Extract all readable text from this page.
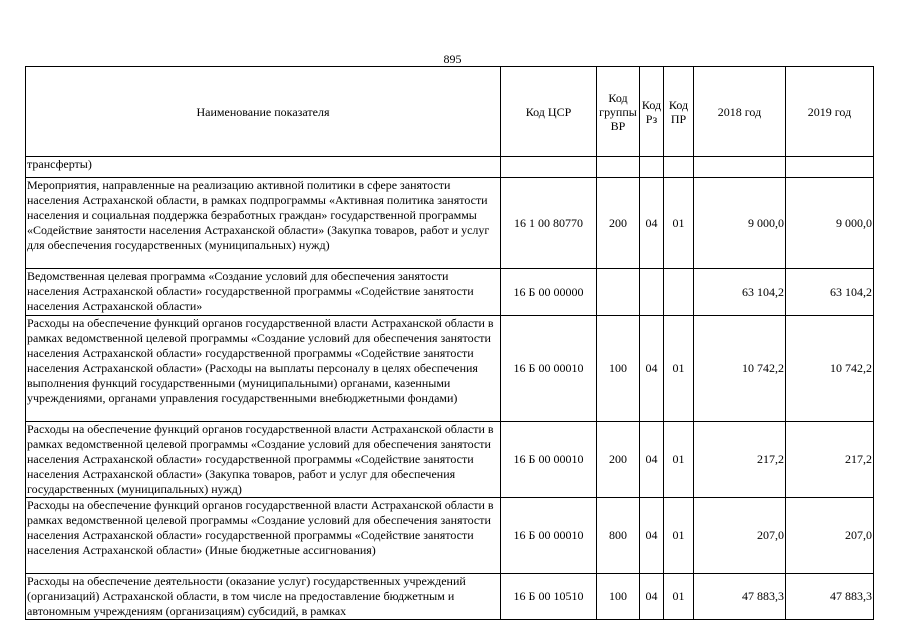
895
Наименование показателя	Код ЦСР	Код группы ВР	Код Рз	Код ПР	2018 год	2019 год
трансферты)						
Мероприятия, направленные на реализацию активной политики в сфере занятости населения Астраханской области, в рамках подпрограммы «Активная политика занятости населения и социальная поддержка безработных граждан» государственной программы «Содействие занятости населения Астраханской области» (Закупка товаров, работ и услуг для обеспечения государственных (муниципальных) нужд)	16 1 00 80770	200	04	01	9 000,0	9 000,0
Ведомственная целевая программа «Создание условий для обеспечения занятости населения Астраханской области» государственной программы «Содействие занятости населения Астраханской области»	16 Б 00 00000				63 104,2	63 104,2
Расходы на обеспечение функций органов государственной власти Астраханской области в рамках ведомственной целевой программы «Создание условий для обеспечения занятости населения Астраханской области» государственной программы «Содействие занятости населения Астраханской области» (Расходы на выплаты персоналу в целях обеспечения выполнения функций государственными (муниципальными) органами, казенными учреждениями, органами управления государственными внебюджетными фондами)	16 Б 00 00010	100	04	01	10 742,2	10 742,2
Расходы на обеспечение функций органов государственной власти Астраханской области в рамках ведомственной целевой программы «Создание условий для обеспечения занятости населения Астраханской области» государственной программы «Содействие занятости населения Астраханской области» (Закупка товаров, работ и услуг для обеспечения государственных (муниципальных) нужд)	16 Б 00 00010	200	04	01	217,2	217,2
Расходы на обеспечение функций органов государственной власти Астраханской области в рамках ведомственной целевой программы «Создание условий для обеспечения занятости населения Астраханской области» государственной программы «Содействие занятости населения Астраханской области» (Иные бюджетные ассигнования)	16 Б 00 00010	800	04	01	207,0	207,0
Расходы на обеспечение деятельности (оказание услуг) государственных учреждений (организаций) Астраханской области, в том числе на предоставление бюджетным и автономным учреждениям (организациям) субсидий, в рамках	16 Б 00 10510	100	04	01	47 883,3	47 883,3
